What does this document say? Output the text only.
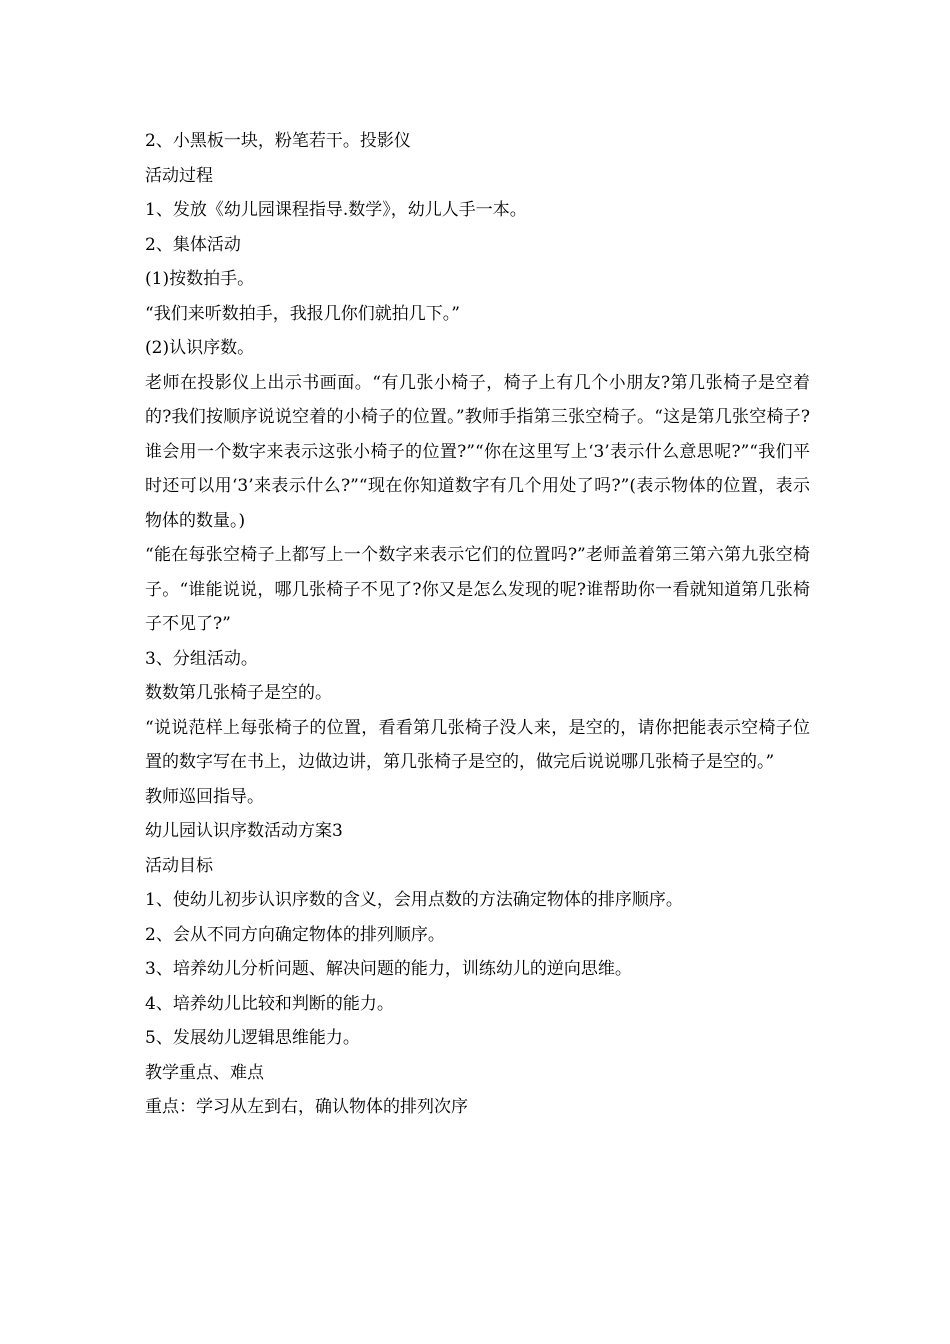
2、小黑板一块，粉笔若干。投影仪

活动过程

1、发放《幼儿园课程指导.数学》，幼儿人手一本。

2、集体活动

(1)按数拍手。

“我们来听数拍手，我报几你们就拍几下。”

(2)认识序数。

老师在投影仪上出示书画面。“有几张小椅子，椅子上有几个小朋友?第几张椅子是空着的?我们按顺序说说空着的小椅子的位置。”教师手指第三张空椅子。“这是第几张空椅子?谁会用一个数字来表示这张小椅子的位置?”“你在这里写上‘3’表示什么意思呢?”“我们平时还可以用‘3’来表示什么?”“现在你知道数字有几个用处了吗?”(表示物体的位置，表示物体的数量。)

“能在每张空椅子上都写上一个数字来表示它们的位置吗?”老师盖着第三第六第九张空椅子。“谁能说说，哪几张椅子不见了?你又是怎么发现的呢?谁帮助你一看就知道第几张椅子不见了?”

3、分组活动。

数数第几张椅子是空的。

“说说范样上每张椅子的位置，看看第几张椅子没人来，是空的，请你把能表示空椅子位置的数字写在书上，边做边讲，第几张椅子是空的，做完后说说哪几张椅子是空的。”

教师巡回指导。

幼儿园认识序数活动方案3

活动目标

1、使幼儿初步认识序数的含义，会用点数的方法确定物体的排序顺序。

2、会从不同方向确定物体的排列顺序。

3、培养幼儿分析问题、解决问题的能力，训练幼儿的逆向思维。

4、培养幼儿比较和判断的能力。

5、发展幼儿逻辑思维能力。

教学重点、难点

重点：学习从左到右，确认物体的排列次序
